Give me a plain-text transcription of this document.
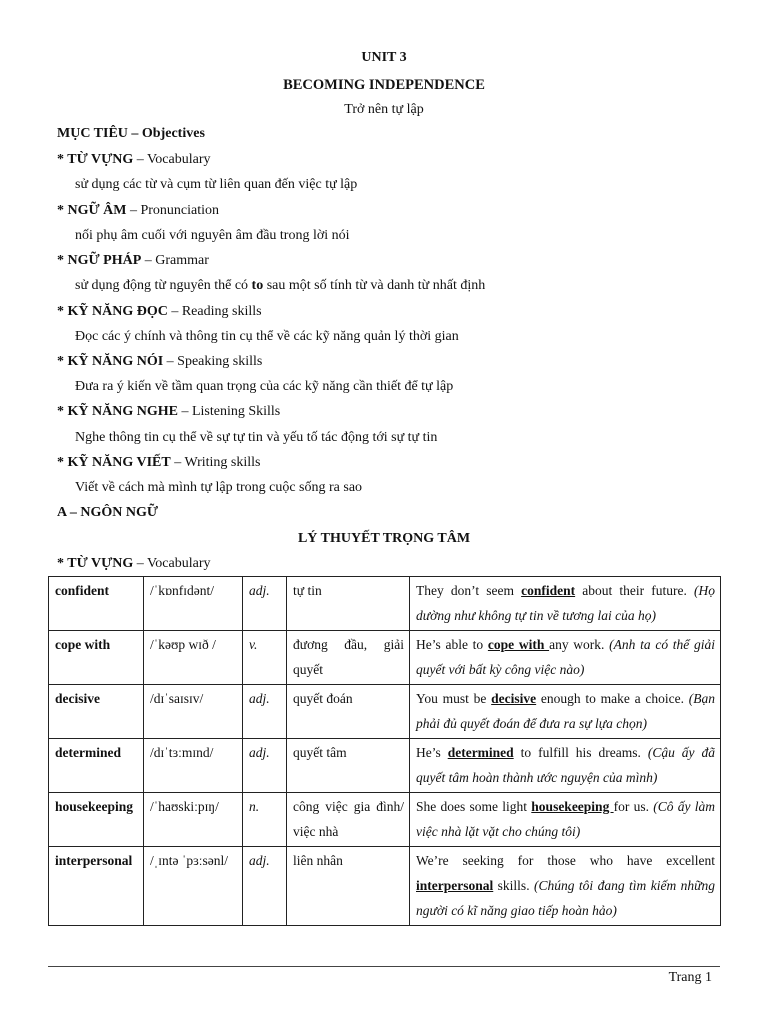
UNIT 3
BECOMING INDEPENDENCE
Trở nên tự lập
MỤC TIÊU – Objectives
* TỪ VỰNG – Vocabulary
sử dụng các từ và cụm từ liên quan đến việc tự lập
* NGỮ ÂM – Pronunciation
nối phụ âm cuối với nguyên âm đầu trong lời nói
* NGỮ PHÁP – Grammar
sử dụng động từ nguyên thể có to sau một số tính từ và danh từ nhất định
* KỸ NĂNG ĐỌC – Reading skills
Đọc các ý chính và thông tin cụ thể về các kỹ năng quản lý thời gian
* KỸ NĂNG NÓI – Speaking skills
Đưa ra ý kiến về tầm quan trọng của các kỹ năng cần thiết để tự lập
* KỸ NĂNG NGHE – Listening Skills
Nghe thông tin cụ thể về sự tự tin và yếu tố tác động tới sự tự tin
* KỸ NĂNG VIẾT – Writing skills
Viết về cách mà mình tự lập trong cuộc sống ra sao
A – NGÔN NGỮ
LÝ THUYẾT TRỌNG TÂM
* TỪ VỰNG – Vocabulary
confident	/ˈkɒnfɪdənt/	adj.	tự tin	They don’t seem confident about their future. (Họ dường như không tự tin về tương lai của họ)
cope with	/ˈkəʊp wɪð /	v.	đương đầu, giải quyết	He’s able to cope with any work. (Anh ta có thể giải quyết với bất kỳ công việc nào)
decisive	/dɪˈsaɪsɪv/	adj.	quyết đoán	You must be decisive enough to make a choice. (Bạn phải đủ quyết đoán để đưa ra sự lựa chọn)
determined	/dɪˈtɜːmɪnd/	adj.	quyết tâm	He’s determined to fulfill his dreams. (Cậu ấy đã quyết tâm hoàn thành ước nguyện của mình)
housekeeping	/ˈhaʊskiːpɪŋ/	n.	công việc gia đình/ việc nhà	She does some light housekeeping for us. (Cô ấy làm việc nhà lặt vặt cho chúng tôi)
interpersonal	/ˌɪntə ˈpɜːsənl/	adj.	liên nhân	We’re seeking for those who have excellent interpersonal skills. (Chúng tôi đang tìm kiếm những người có kĩ năng giao tiếp hoàn hảo)
Trang 1
